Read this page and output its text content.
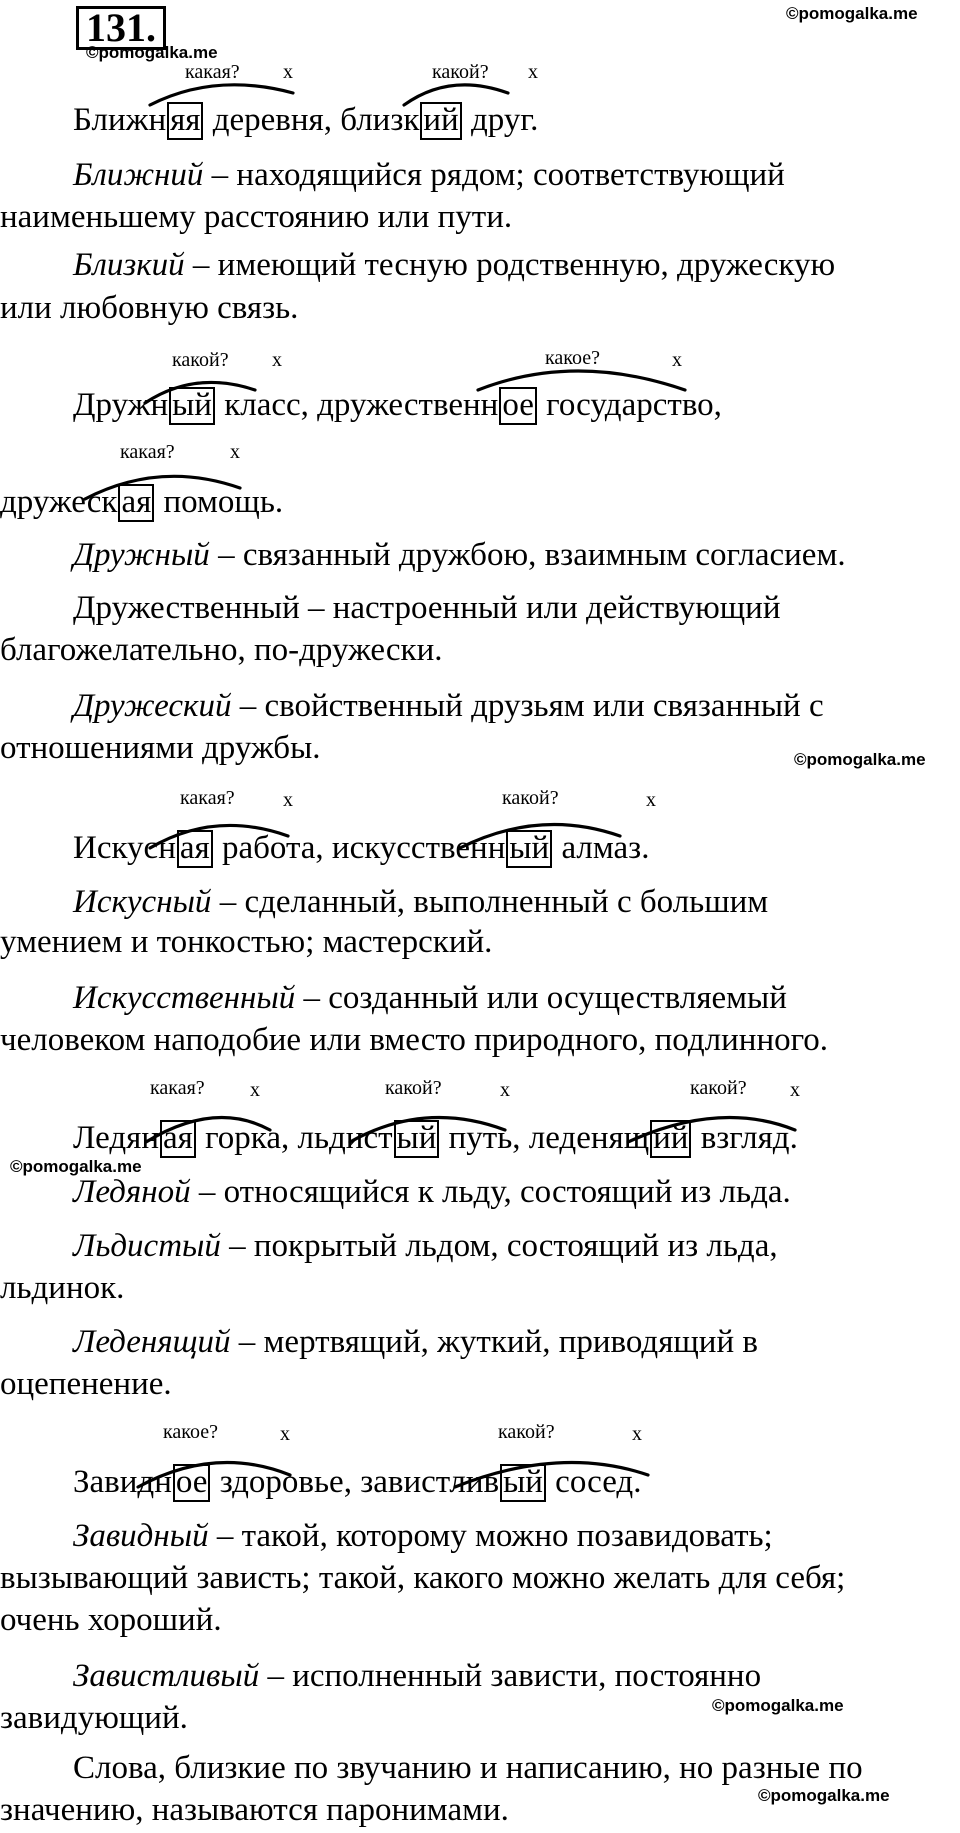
131.	©pomogalka.me
©pomogalka.me
©pomogalka.me
©pomogalka.me
©pomogalka.me
©pomogalka.me
какая? x	какой? x
Ближн яя деревня, близк ий друг.
Ближний – находящийся рядом; соответствующий
наименьшему расстоянию или пути.
Близкий – имеющий тесную родственную, дружескую
или любовную связь.
какой? x	какое?	x
Дружн ый класс, дружественн ое государство,
какая?	x
дружеск ая помощь.
Дружный – связанный дружбою, взаимным согласием.
Дружественный – настроенный или действующий
благожелательно, по-дружески.
Дружеский – свойственный друзьям или связанный с
отношениями дружбы.
какая? x	какой?	x
Искусн ая работа, искусственн ый алмаз.
Искусный – сделанный, выполненный с большим
умением и тонкостью; мастерский.
Искусственный – созданный или осуществляемый
человеком наподобие или вместо природного, подлинного.
какая? x	какой?	x	какой? x
Ледян ая горка, льдист ый путь, леденящ ий взгляд.
Ледяной – относящийся к льду, состоящий из льда.
Льдистый – покрытый льдом, состоящий из льда,
льдинок.
Леденящий – мертвящий, жуткий, приводящий в
оцепенение.
какое?	x	какой?	x
Завидн ое здоровье, завистлив ый сосед.
Завидный – такой, которому можно позавидовать;
вызывающий зависть; такой, какого можно желать для себя;
очень хороший.
Завистливый – исполненный зависти, постоянно
завидующий.
Слова, близкие по звучанию и написанию, но разные по
значению, называются паронимами.
